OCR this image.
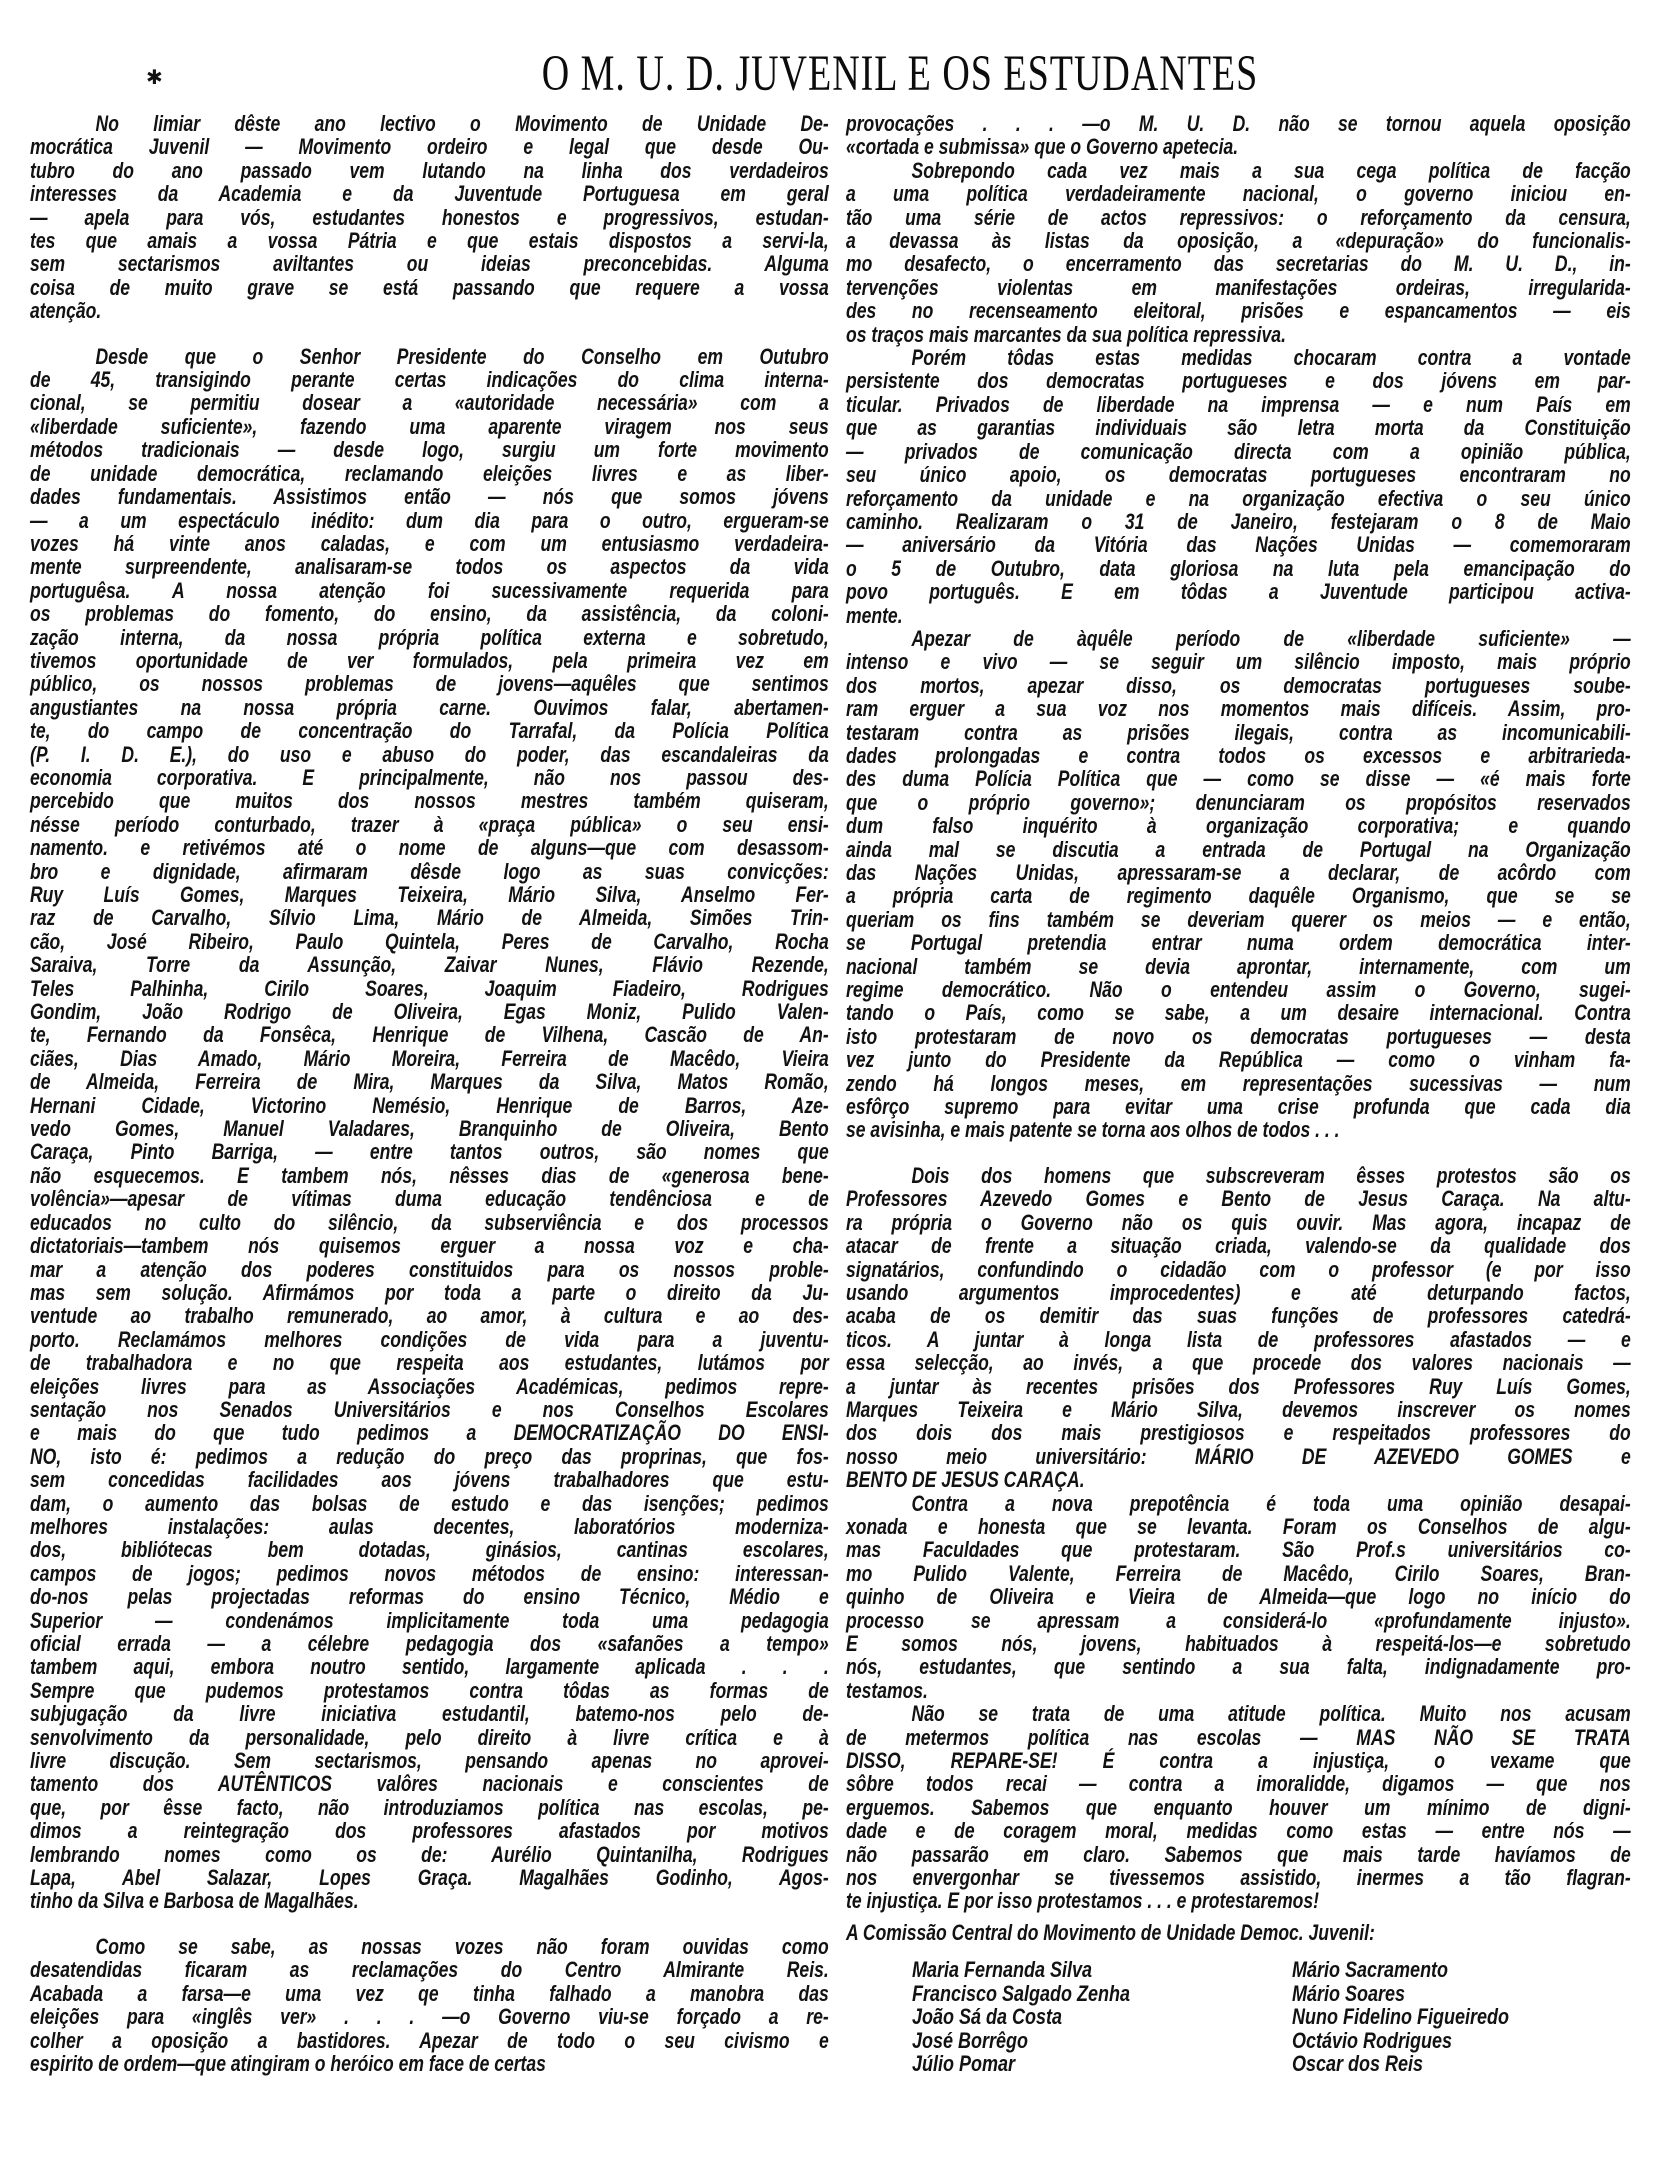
✱	O M. U. D. JUVENIL E OS ESTUDANTES
No limiar dêste ano lectivo o Movimento de Unidade De-
mocrática Juvenil — Movimento ordeiro e legal que desde Ou-
tubro do ano passado vem lutando na linha dos verdadeiros
interesses da Academia e da Juventude Portuguesa em geral
— apela para vós, estudantes honestos e progressivos, estudan-
tes que amais a vossa Pátria e que estais dispostos a servi-la,
sem sectarismos aviltantes ou ideias preconcebidas. Alguma
coisa de muito grave se está passando que requere a vossa
atenção.
Desde que o Senhor Presidente do Conselho em Outubro
de 45, transigindo perante certas indicações do clima interna-
cional, se permitiu dosear a «autoridade necessária» com a
«liberdade suficiente», fazendo uma aparente viragem nos seus
métodos tradicionais — desde logo, surgiu um forte movimento
de unidade democrática, reclamando eleições livres e as liber-
dades fundamentais. Assistimos então — nós que somos jóvens
— a um espectáculo inédito: dum dia para o outro, ergueram-se
vozes há vinte anos caladas, e com um entusiasmo verdadeira-
mente surpreendente, analisaram-se todos os aspectos da vida
portuguêsa. A nossa atenção foi sucessivamente requerida para
os problemas do fomento, do ensino, da assistência, da coloni-
zação interna, da nossa própria política externa e sobretudo,
tivemos oportunidade de ver formulados, pela primeira vez em
público, os nossos problemas de jovens—aquêles que sentimos
angustiantes na nossa própria carne. Ouvimos falar, abertamen-
te, do campo de concentração do Tarrafal, da Polícia Política
(P. I. D. E.), do uso e abuso do poder, das escandaleiras da
economia corporativa. E principalmente, não nos passou des-
percebido que muitos dos nossos mestres também quiseram,
nésse período conturbado, trazer à «praça pública» o seu ensi-
namento. e retivémos até o nome de alguns—que com desassom-
bro e dignidade, afirmaram dêsde logo as suas convicções:
Ruy Luís Gomes, Marques Teixeira, Mário Silva, Anselmo Fer-
raz de Carvalho, Sílvio Lima, Mário de Almeida, Simões Trin-
cão, José Ribeiro, Paulo Quintela, Peres de Carvalho, Rocha
Saraiva, Torre da Assunção, Zaivar Nunes, Flávio Rezende,
Teles Palhinha, Cirilo Soares, Joaquim Fiadeiro, Rodrigues
Gondim, João Rodrigo de Oliveira, Egas Moniz, Pulido Valen-
te, Fernando da Fonsêca, Henrique de Vilhena, Cascão de An-
ciães, Dias Amado, Mário Moreira, Ferreira de Macêdo, Vieira
de Almeida, Ferreira de Mira, Marques da Silva, Matos Romão,
Hernani Cidade, Victorino Nemésio, Henrique de Barros, Aze-
vedo Gomes, Manuel Valadares, Branquinho de Oliveira, Bento
Caraça, Pinto Barriga, — entre tantos outros, são nomes que
não esquecemos. E tambem nós, nêsses dias de «generosa bene-
volência»—apesar de vítimas duma educação tendênciosa e de
educados no culto do silêncio, da subserviência e dos processos
dictatoriais—tambem nós quisemos erguer a nossa voz e cha-
mar a atenção dos poderes constituidos para os nossos proble-
mas sem solução. Afirmámos por toda a parte o direito da Ju-
ventude ao trabalho remunerado, ao amor, à cultura e ao des-
porto. Reclamámos melhores condições de vida para a juventu-
de trabalhadora e no que respeita aos estudantes, lutámos por
eleições livres para as Associações Académicas, pedimos repre-
sentação nos Senados Universitários e nos Conselhos Escolares
e mais do que tudo pedimos a DEMOCRATIZAÇÃO DO ENSI-
NO, isto é: pedimos a redução do preço das proprinas, que fos-
sem concedidas facilidades aos jóvens trabalhadores que estu-
dam, o aumento das bolsas de estudo e das isenções; pedimos
melhores instalações: aulas decentes, laboratórios moderniza-
dos, bibliótecas bem dotadas, ginásios, cantinas escolares,
campos de jogos; pedimos novos métodos de ensino: interessan-
do-nos pelas projectadas reformas do ensino Técnico, Médio e
Superior — condenámos implicitamente toda uma pedagogia
oficial errada — a célebre pedagogia dos «safanões a tempo»
tambem aqui, embora noutro sentido, largamente aplicada . . .
Sempre que pudemos protestamos contra tôdas as formas de
subjugação da livre iniciativa estudantil, batemo-nos pelo de-
senvolvimento da personalidade, pelo direito à livre crítica e à
livre discução. Sem sectarismos, pensando apenas no aprovei-
tamento dos AUTÊNTICOS valôres nacionais e conscientes de
que, por êsse facto, não introduziamos política nas escolas, pe-
dimos a reintegração dos professores afastados por motivos
lembrando nomes como os de: Aurélio Quintanilha, Rodrigues
Lapa, Abel Salazar, Lopes Graça. Magalhães Godinho, Agos-
tinho da Silva e Barbosa de Magalhães.
Como se sabe, as nossas vozes não foram ouvidas como
desatendidas ficaram as reclamações do Centro Almirante Reis.
Acabada a farsa—e uma vez qe tinha falhado a manobra das
eleições para «inglês ver» . . . —o Governo viu-se forçado a re-
colher a oposição a bastidores. Apezar de todo o seu civismo e
espirito de ordem—que atingiram o heróico em face de certas
provocações . . . —o M. U. D. não se tornou aquela oposição
«cortada e submissa» que o Governo apetecia.
Sobrepondo cada vez mais a sua cega política de facção
a uma política verdadeiramente nacional, o governo iniciou en-
tão uma série de actos repressivos: o reforçamento da censura,
a devassa às listas da oposição, a «depuração» do funcionalis-
mo desafecto, o encerramento das secretarias do M. U. D., in-
tervenções violentas em manifestações ordeiras, irregularida-
des no recenseamento eleitoral, prisões e espancamentos — eis
os traços mais marcantes da sua política repressiva.
Porém tôdas estas medidas chocaram contra a vontade
persistente dos democratas portugueses e dos jóvens em par-
ticular. Privados de liberdade na imprensa — e num País em
que as garantias individuais são letra morta da Constituição
— privados de comunicação directa com a opinião pública,
seu único apoio, os democratas portugueses encontraram no
reforçamento da unidade e na organização efectiva o seu único
caminho. Realizaram o 31 de Janeiro, festejaram o 8 de Maio
— aniversário da Vitória das Nações Unidas — comemoraram
o 5 de Outubro, data gloriosa na luta pela emancipação do
povo português. E em tôdas a Juventude participou activa-
mente.
Apezar de àquêle período de «liberdade suficiente» —
intenso e vivo — se seguir um silêncio imposto, mais próprio
dos mortos, apezar disso, os democratas portugueses soube-
ram erguer a sua voz nos momentos mais difíceis. Assim, pro-
testaram contra as prisões ilegais, contra as incomunicabili-
dades prolongadas e contra todos os excessos e arbitrarieda-
des duma Polícia Política que — como se disse — «é mais forte
que o próprio governo»; denunciaram os propósitos reservados
dum falso inquérito à organização corporativa; e quando
ainda mal se discutia a entrada de Portugal na Organização
das Nações Unidas, apressaram-se a declarar, de acôrdo com
a própria carta de regimento daquêle Organismo, que se se
queriam os fins também se deveriam querer os meios — e então,
se Portugal pretendia entrar numa ordem democrática inter-
nacional também se devia aprontar, internamente, com um
regime democrático. Não o entendeu assim o Governo, sugei-
tando o País, como se sabe, a um desaire internacional. Contra
isto protestaram de novo os democratas portugueses — desta
vez junto do Presidente da República — como o vinham fa-
zendo há longos meses, em representações sucessivas — num
esfôrço supremo para evitar uma crise profunda que cada dia
se avisinha, e mais patente se torna aos olhos de todos . . .
Dois dos homens que subscreveram êsses protestos são os
Professores Azevedo Gomes e Bento de Jesus Caraça. Na altu-
ra própria o Governo não os quis ouvir. Mas agora, incapaz de
atacar de frente a situação criada, valendo-se da qualidade dos
signatários, confundindo o cidadão com o professor (e por isso
usando argumentos improcedentes) e até deturpando factos,
acaba de os demitir das suas funções de professores catedrá-
ticos. A juntar à longa lista de professores afastados — e
essa selecção, ao invés, a que procede dos valores nacionais —
a juntar às recentes prisões dos Professores Ruy Luís Gomes,
Marques Teixeira e Mário Silva, devemos inscrever os nomes
dos dois dos mais prestigiosos e respeitados professores do
nosso meio universitário: MÁRIO DE AZEVEDO GOMES e
BENTO DE JESUS CARAÇA.
Contra a nova prepotência é toda uma opinião desapai-
xonada e honesta que se levanta. Foram os Conselhos de algu-
mas Faculdades que protestaram. São Prof.s universitários co-
mo Pulido Valente, Ferreira de Macêdo, Cirilo Soares, Bran-
quinho de Oliveira e Vieira de Almeida—que logo no início do
processo se apressam a considerá-lo «profundamente injusto».
E somos nós, jovens, habituados à respeitá-los—e sobretudo
nós, estudantes, que sentindo a sua falta, indignadamente pro-
testamos.
Não se trata de uma atitude política. Muito nos acusam
de metermos política nas escolas — MAS NÃO SE TRATA
DISSO, REPARE-SE! É contra a injustiça, o vexame que
sôbre todos recai — contra a imoralidde, digamos — que nos
erguemos. Sabemos que enquanto houver um mínimo de digni-
dade e de coragem moral, medidas como estas — entre nós —
não passarão em claro. Sabemos que mais tarde havíamos de
nos envergonhar se tivessemos assistido, inermes a tão flagran-
te injustiça. E por isso protestamos . . . e protestaremos!
A Comissão Central do Movimento de Unidade Democ. Juvenil:
Maria Fernanda Silva
Francisco Salgado Zenha
João Sá da Costa
José Borrêgo
Júlio Pomar
Mário Sacramento
Mário Soares
Nuno Fidelino Figueiredo
Octávio Rodrigues
Oscar dos Reis
